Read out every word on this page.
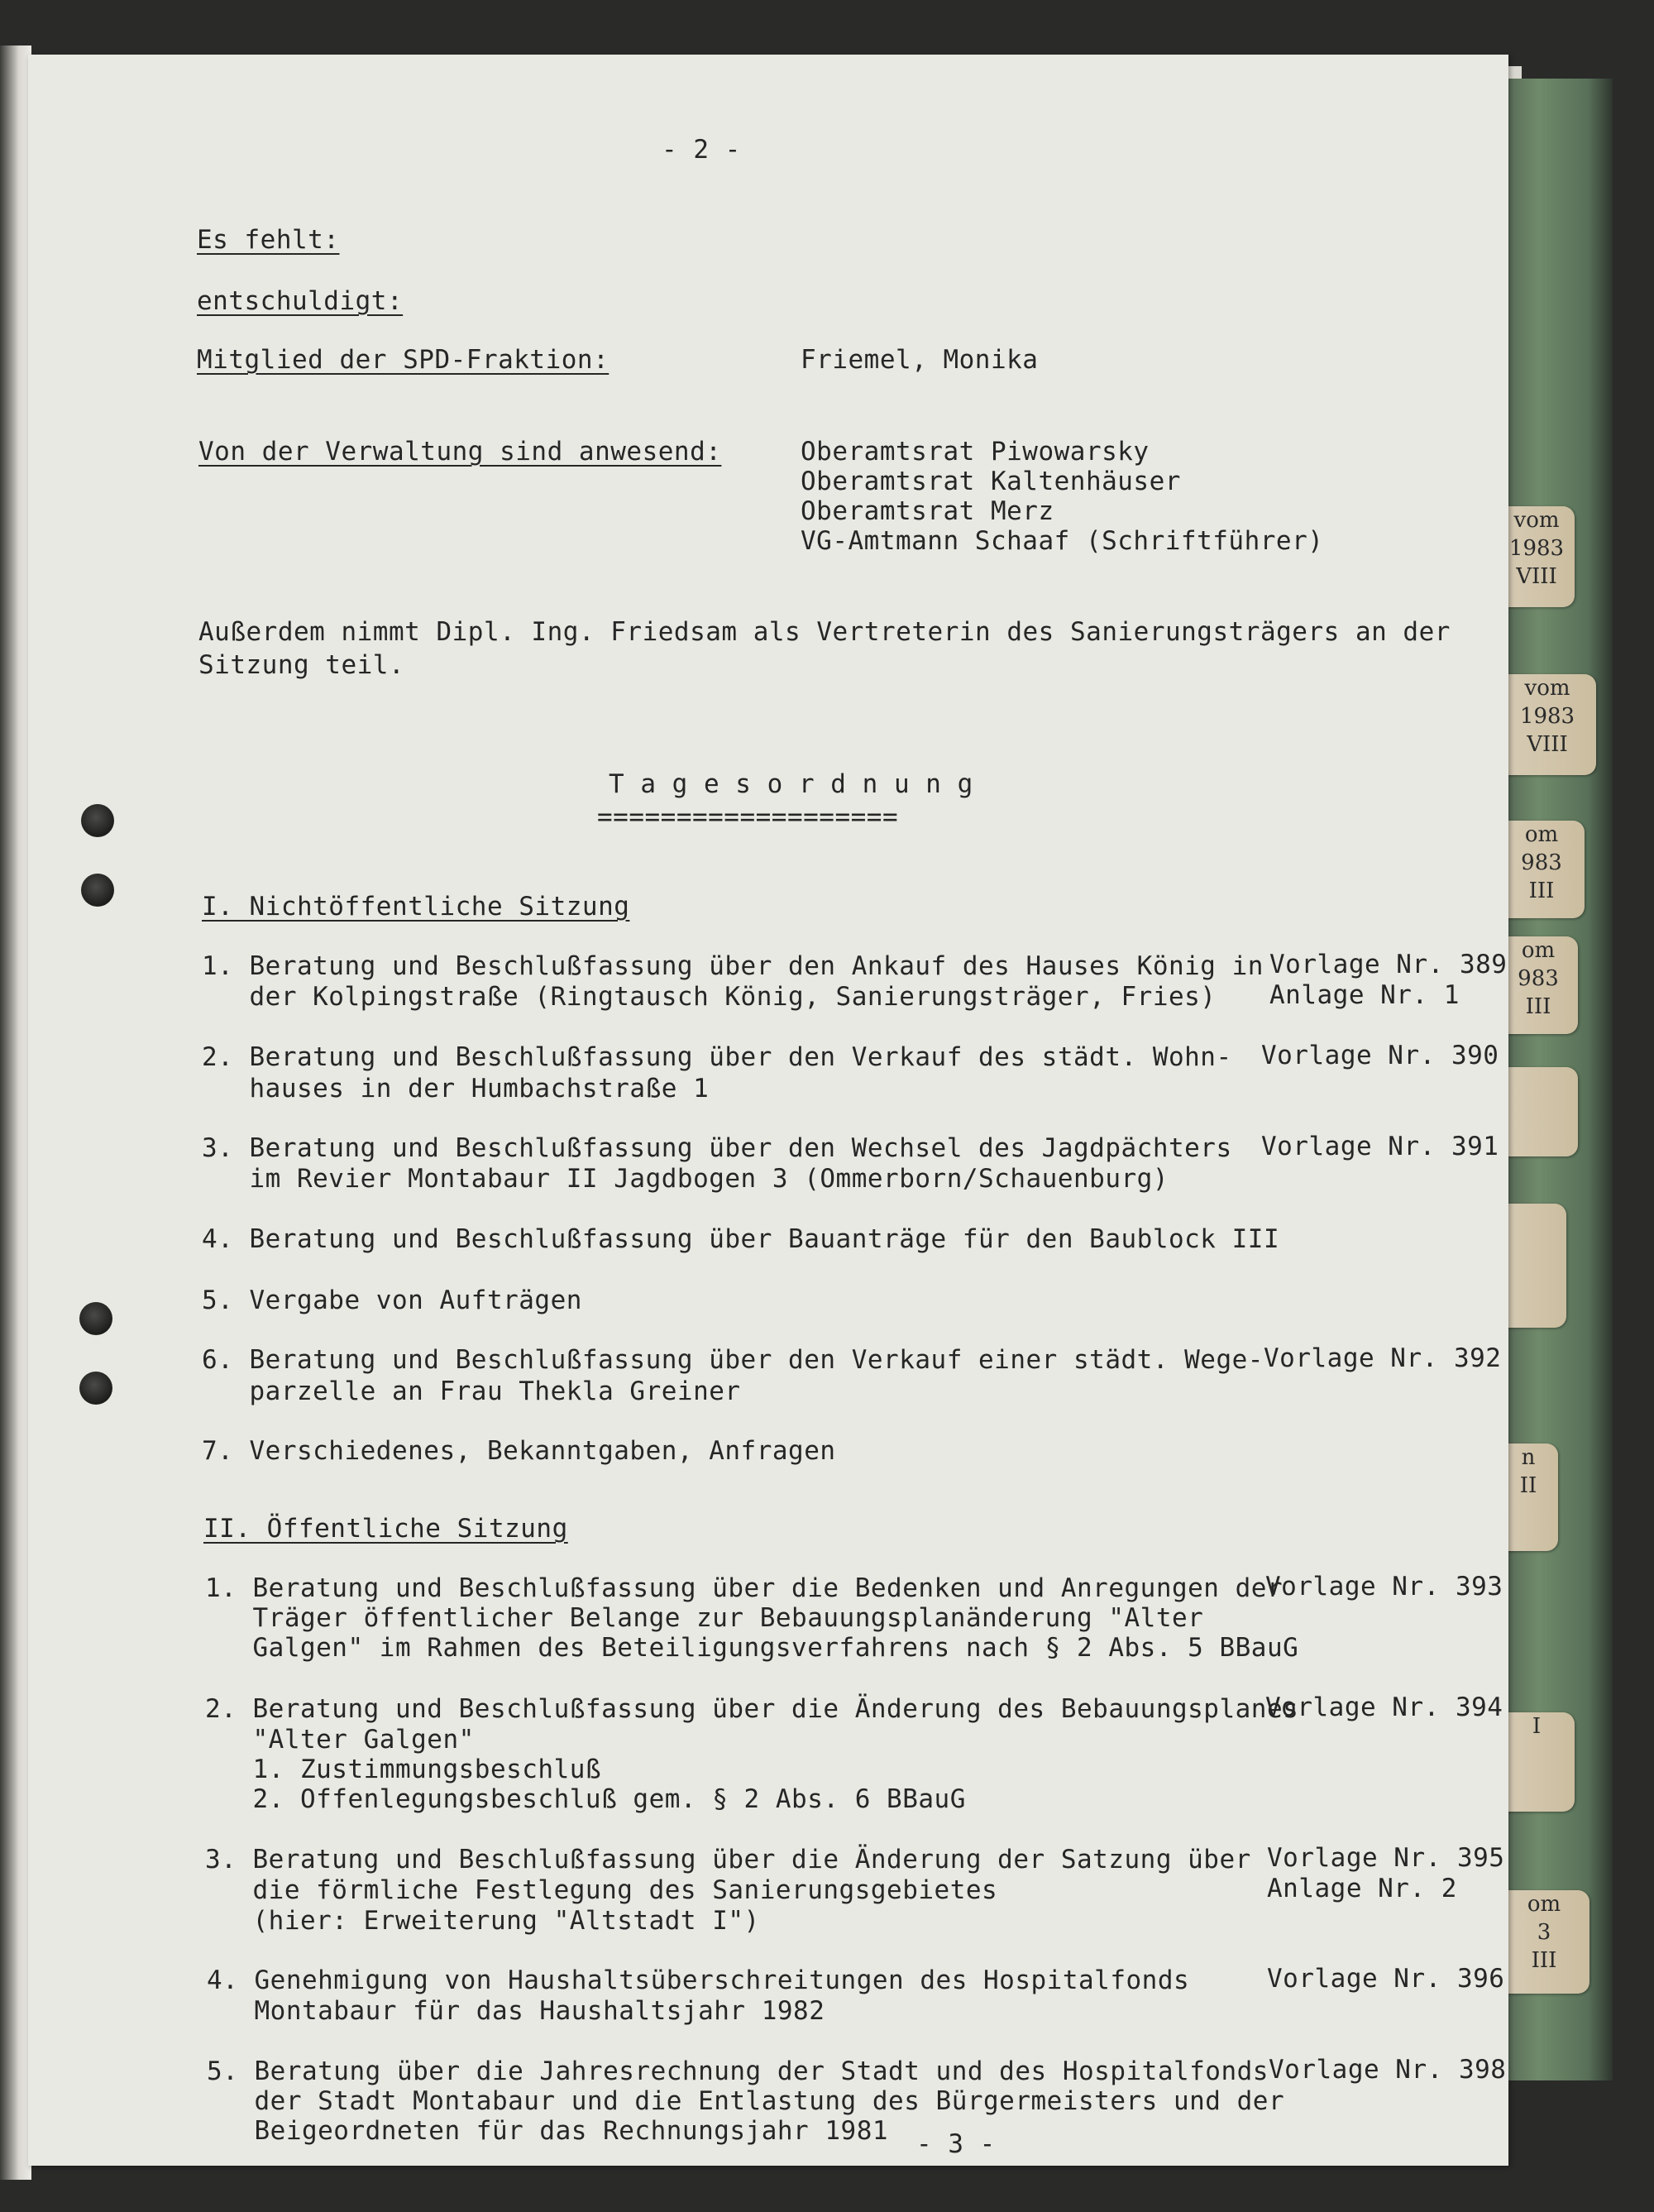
vom
1983
VIII
vom
1983
VIII
om
983
III
om
983
III
n
II
I
om
3
III
- 2 -
Es fehlt:
entschuldigt:
Mitglied der SPD-Fraktion:	Friemel, Monika
Von der Verwaltung sind anwesend:	Oberamtsrat Piwowarsky
Oberamtsrat Kaltenhäuser
Oberamtsrat Merz
VG-Amtmann Schaaf (Schriftführer)
Außerdem nimmt Dipl. Ing. Friedsam als Vertreterin des Sanierungsträgers an der
Sitzung teil.
T a g e s o r d n u n g
===================
I. Nichtöffentliche Sitzung
1. Beratung und Beschlußfassung über den Ankauf des Hauses König in
der Kolpingstraße (Ringtausch König, Sanierungsträger, Fries)
Vorlage Nr. 389
Anlage Nr. 1
2. Beratung und Beschlußfassung über den Verkauf des städt. Wohn-
hauses in der Humbachstraße 1
Vorlage Nr. 390
3. Beratung und Beschlußfassung über den Wechsel des Jagdpächters
im Revier Montabaur II Jagdbogen 3 (Ommerborn/Schauenburg)
Vorlage Nr. 391
4. Beratung und Beschlußfassung über Bauanträge für den Baublock III
5. Vergabe von Aufträgen
6. Beratung und Beschlußfassung über den Verkauf einer städt. Wege-
parzelle an Frau Thekla Greiner
Vorlage Nr. 392
7. Verschiedenes, Bekanntgaben, Anfragen
II. Öffentliche Sitzung
1. Beratung und Beschlußfassung über die Bedenken und Anregungen der
Träger öffentlicher Belange zur Bebauungsplanänderung "Alter
Galgen" im Rahmen des Beteiligungsverfahrens nach § 2 Abs. 5 BBauG
Vorlage Nr. 393
2. Beratung und Beschlußfassung über die Änderung des Bebauungsplanes
"Alter Galgen"
1. Zustimmungsbeschluß
2. Offenlegungsbeschluß gem. § 2 Abs. 6 BBauG
Vorlage Nr. 394
3. Beratung und Beschlußfassung über die Änderung der Satzung über
die förmliche Festlegung des Sanierungsgebietes
(hier: Erweiterung "Altstadt I")
Vorlage Nr. 395
Anlage Nr. 2
4. Genehmigung von Haushaltsüberschreitungen des Hospitalfonds
Montabaur für das Haushaltsjahr 1982
Vorlage Nr. 396
5. Beratung über die Jahresrechnung der Stadt und des Hospitalfonds
der Stadt Montabaur und die Entlastung des Bürgermeisters und der
Beigeordneten für das Rechnungsjahr 1981
Vorlage Nr. 398
- 3 -
